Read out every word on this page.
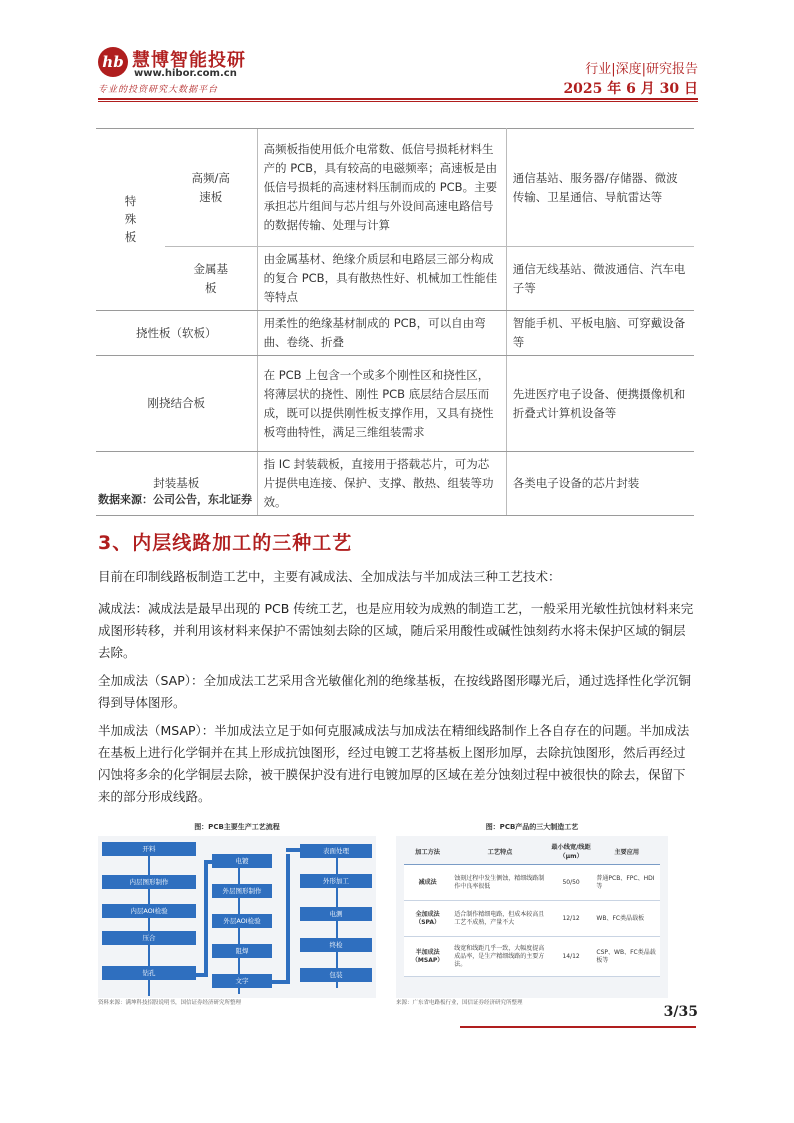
hb 慧博智能投研
www.hibor.com.cn
专业的投资研究大数据平台
行业|深度|研究报告
2025 年 6 月 30 日
特殊板	高频/高速板	高频板指使用低介电常数、低信号损耗材料生产的 PCB，具有较高的电磁频率；高速板是由低信号损耗的高速材料压制而成的 PCB。主要承担芯片组间与芯片组与外设间高速电路信号的数据传输、处理与计算	通信基站、服务器/存储器、微波传输、卫星通信、导航雷达等
	金属基板	由金属基材、绝缘介质层和电路层三部分构成的复合 PCB，具有散热性好、机械加工性能佳等特点	通信无线基站、微波通信、汽车电子等
挠性板（软板）		用柔性的绝缘基材制成的 PCB，可以自由弯曲、卷绕、折叠	智能手机、平板电脑、可穿戴设备等
刚挠结合板		在 PCB 上包含一个或多个刚性区和挠性区，将薄层状的挠性、刚性 PCB 底层结合层压而成，既可以提供刚性板支撑作用，又具有挠性板弯曲特性，满足三维组装需求	先进医疗电子设备、便携摄像机和折叠式计算机设备等
封装基板		指 IC 封装载板，直接用于搭载芯片，可为芯片提供电连接、保护、支撑、散热、组装等功效。	各类电子设备的芯片封装
数据来源：公司公告，东北证券
3、内层线路加工的三种工艺
目前在印制线路板制造工艺中，主要有减成法、全加成法与半加成法三种工艺技术：
减成法：减成法是最早出现的 PCB 传统工艺，也是应用较为成熟的制造工艺，一般采用光敏性抗蚀材料来完成图形转移，并利用该材料来保护不需蚀刻去除的区域，随后采用酸性或碱性蚀刻药水将未保护区域的铜层去除。
全加成法（SAP）：全加成法工艺采用含光敏催化剂的绝缘基板，在按线路图形曝光后，通过选择性化学沉铜得到导体图形。
半加成法（MSAP）：半加成法立足于如何克服减成法与加成法在精细线路制作上各自存在的问题。半加成法在基板上进行化学铜并在其上形成抗蚀图形，经过电镀工艺将基板上图形加厚，去除抗蚀图形，然后再经过闪蚀将多余的化学铜层去除，被干膜保护没有进行电镀加厚的区域在差分蚀刻过程中被很快的除去，保留下来的部分形成线路。
图：PCB主要生产工艺流程
开料
内层图形制作
内层AOI检验
压合
钻孔
电镀
外层图形制作
外层AOI检验
阻焊
文字
表面处理
外形加工
电测
终检
包装
资料来源：满坤科技招股说明书，国信证券经济研究所整理
图：PCB产品的三大制造工艺
加工方法	工艺特点	最小线宽/线距（μm）	主要应用
减成法	蚀刻过程中发生侧蚀，精细线路制作中良率很低	50/50	普通PCB、FPC、HDI等
全加成法（SPA）	适合制作精细电路，但成本较高且工艺不成熟，产量不大	12/12	WB、FC类晶载板
半加成法（MSAP）	线宽和线距几乎一致，大幅度提高成品率，是生产精细线路的主要方法。	14/12	CSP、WB、FC类晶载板等
来源：广东省电路板行业，国信证券经济研究所整理
3/35
